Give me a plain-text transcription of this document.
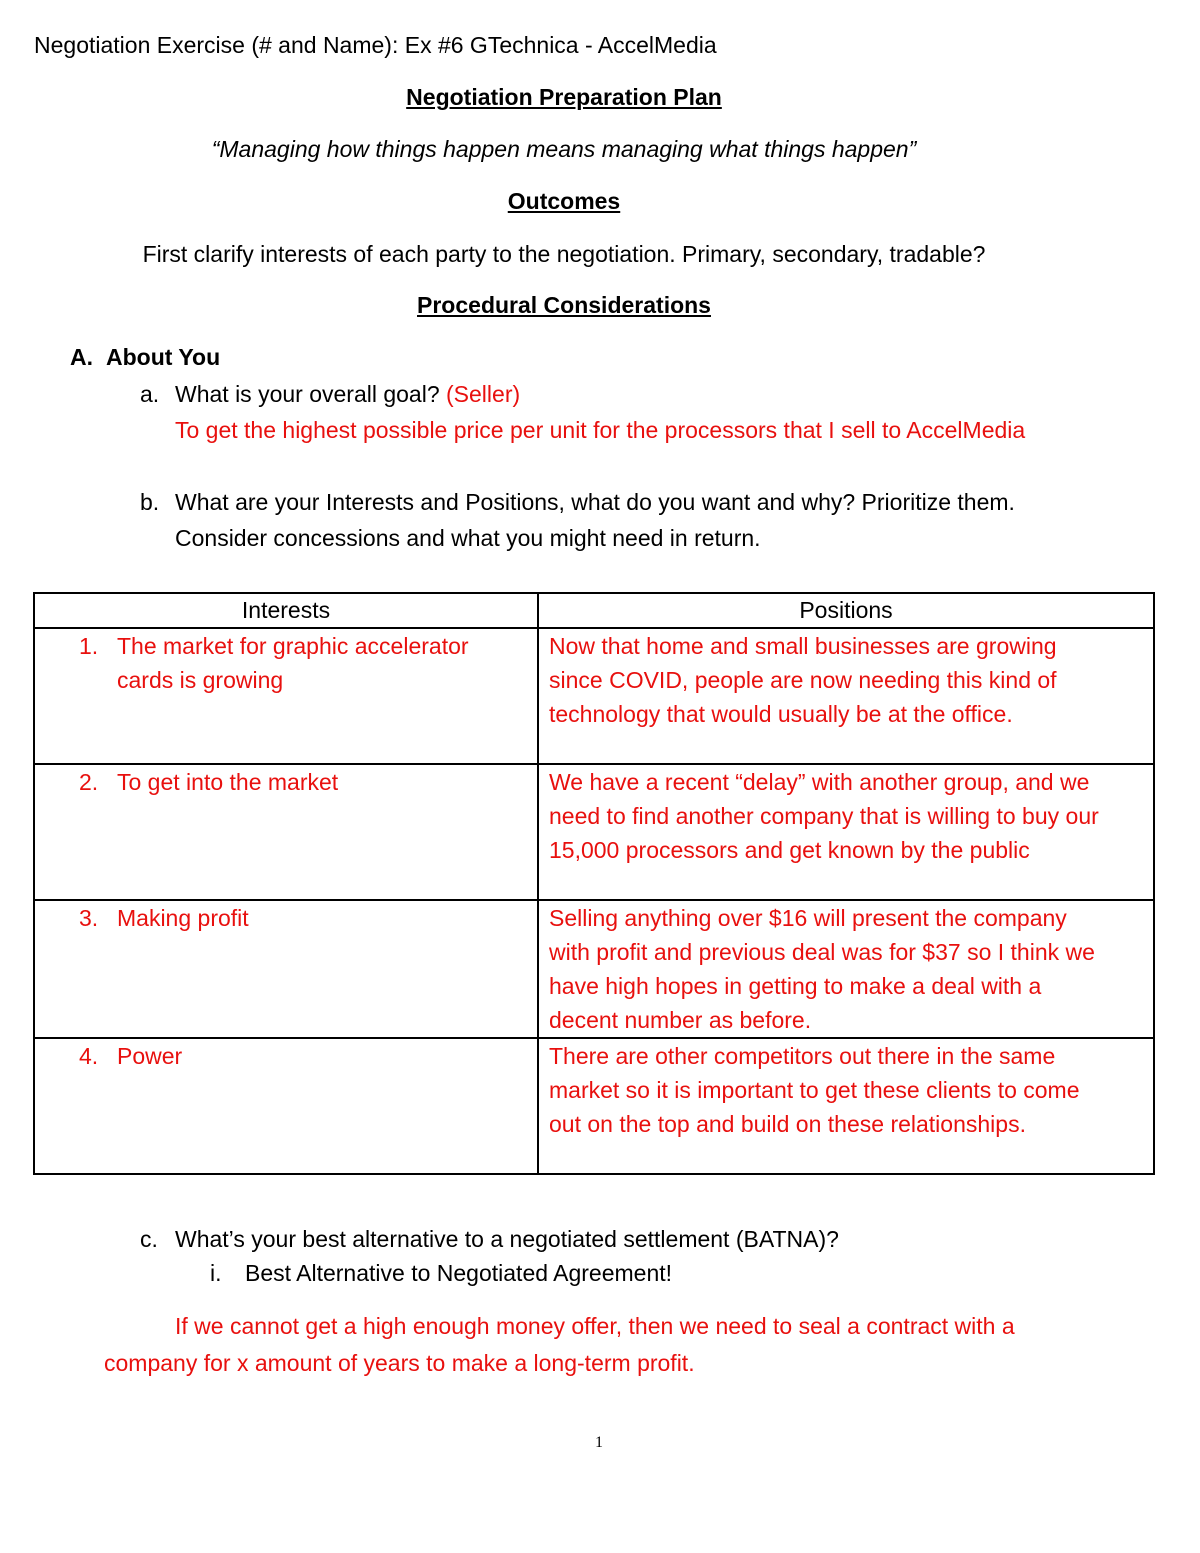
Negotiation Exercise (# and Name): Ex #6 GTechnica - AccelMedia
Negotiation Preparation Plan
“Managing how things happen means managing what things happen”
Outcomes
First clarify interests of each party to the negotiation. Primary, secondary, tradable?
Procedural Considerations
A. About You
a. What is your overall goal? (Seller)
To get the highest possible price per unit for the processors that I sell to AccelMedia
b. What are your Interests and Positions, what do you want and why? Prioritize them. Consider concessions and what you might need in return.
Interests	Positions

1. The market for graphic accelerator cards is growing	Now that home and small businesses are growing since COVID, people are now needing this kind of technology that would usually be at the office.

2. To get into the market	We have a recent “delay” with another group, and we need to find another company that is willing to buy our 15,000 processors and get known by the public

3. Making profit	Selling anything over $16 will present the company with profit and previous deal was for $37 so I think we have high hopes in getting to make a deal with a decent number as before.

4. Power	There are other competitors out there in the same market so it is important to get these clients to come out on the top and build on these relationships.
c. What’s your best alternative to a negotiated settlement (BATNA)?
i. Best Alternative to Negotiated Agreement!
If we cannot get a high enough money offer, then we need to seal a contract with a company for x amount of years to make a long-term profit.
1
